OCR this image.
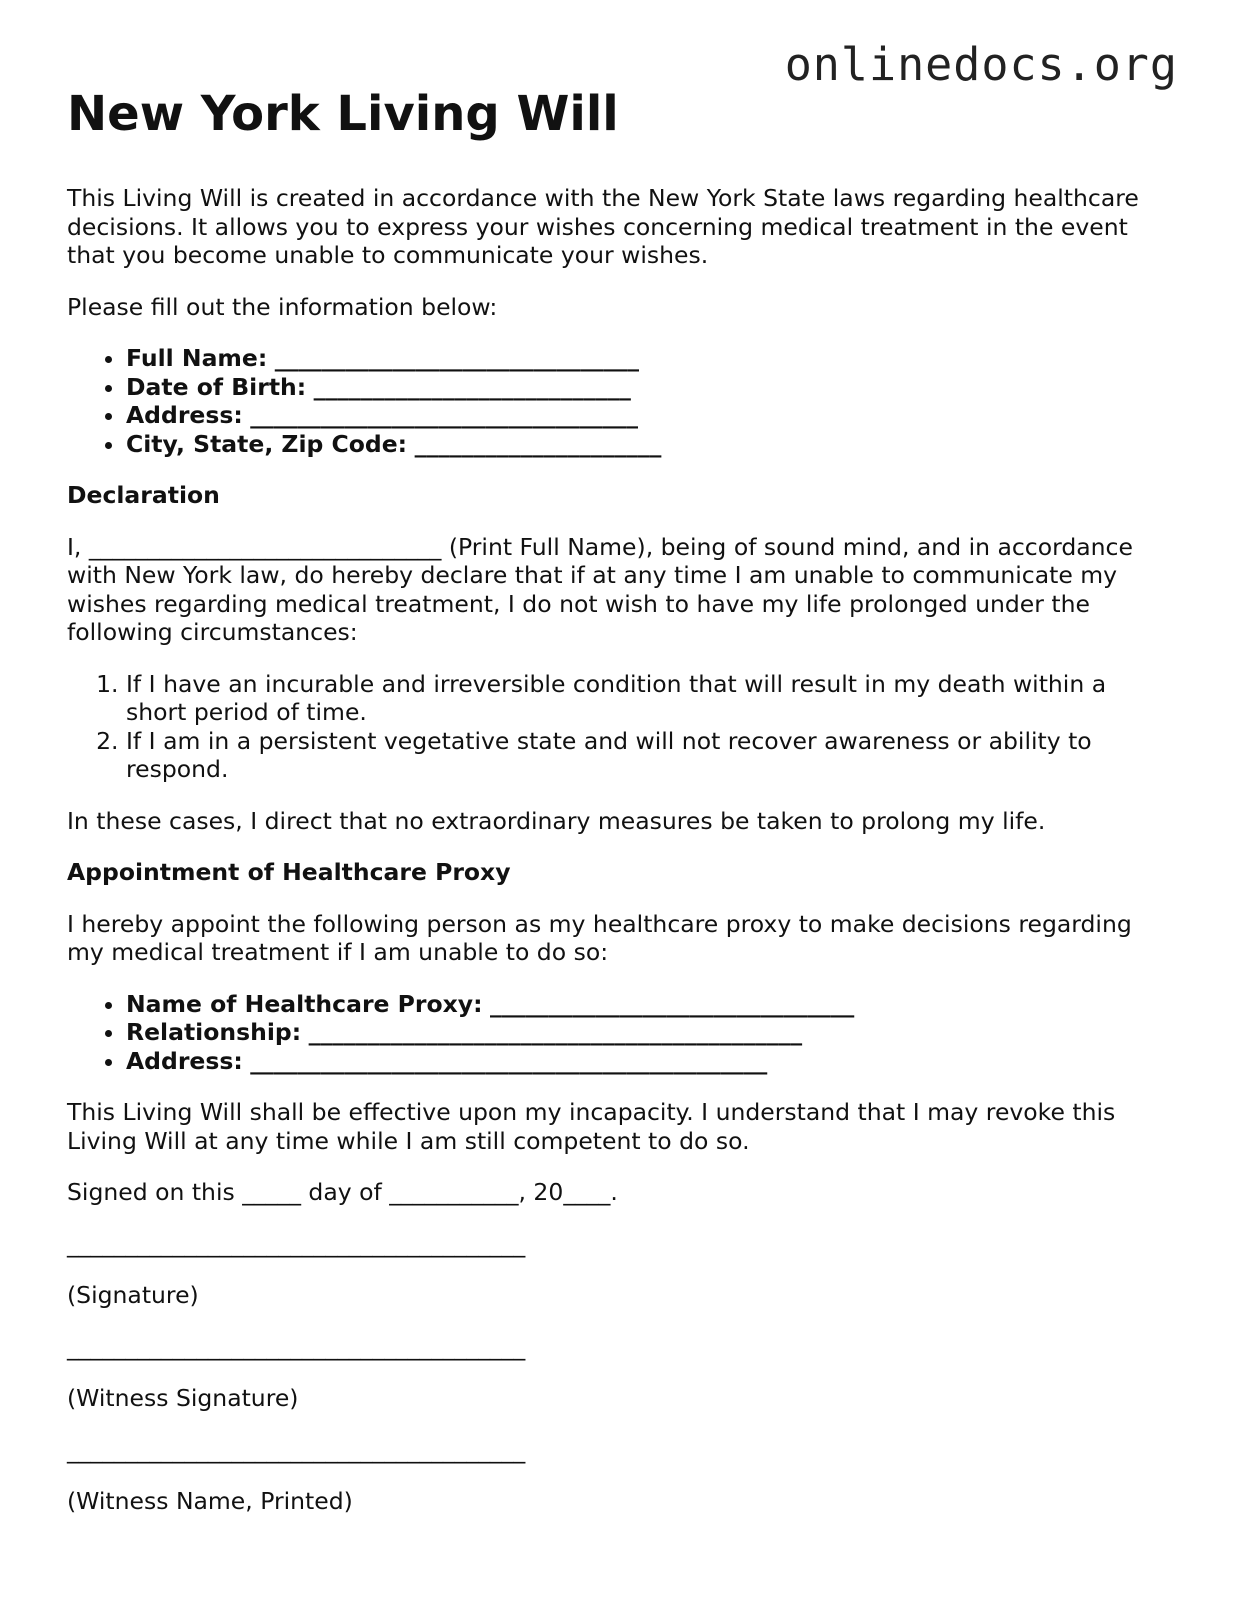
onlinedocs.org
New York Living Will

This Living Will is created in accordance with the New York State laws regarding healthcare decisions. It allows you to express your wishes concerning medical treatment in the event that you become unable to communicate your wishes.

Please fill out the information below:

• Full Name: _______________________________
• Date of Birth: ___________________________
• Address: _________________________________
• City, State, Zip Code: _____________________
Declaration

I, ______________________________ (Print Full Name), being of sound mind, and in accordance with New York law, do hereby declare that if at any time I am unable to communicate my wishes regarding medical treatment, I do not wish to have my life prolonged under the following circumstances:

1. If I have an incurable and irreversible condition that will result in my death within a short period of time.
2. If I am in a persistent vegetative state and will not recover awareness or ability to respond.

In these cases, I direct that no extraordinary measures be taken to prolong my life.

Appointment of Healthcare Proxy

I hereby appoint the following person as my healthcare proxy to make decisions regarding my medical treatment if I am unable to do so:

• Name of Healthcare Proxy: _______________________________
• Relationship: __________________________________________
• Address: ____________________________________________

This Living Will shall be effective upon my incapacity. I understand that I may revoke this Living Will at any time while I am still competent to do so.

Signed on this _____ day of ___________, 20____.

_______________________________________

(Signature)

_______________________________________

(Witness Signature)

_______________________________________

(Witness Name, Printed)
